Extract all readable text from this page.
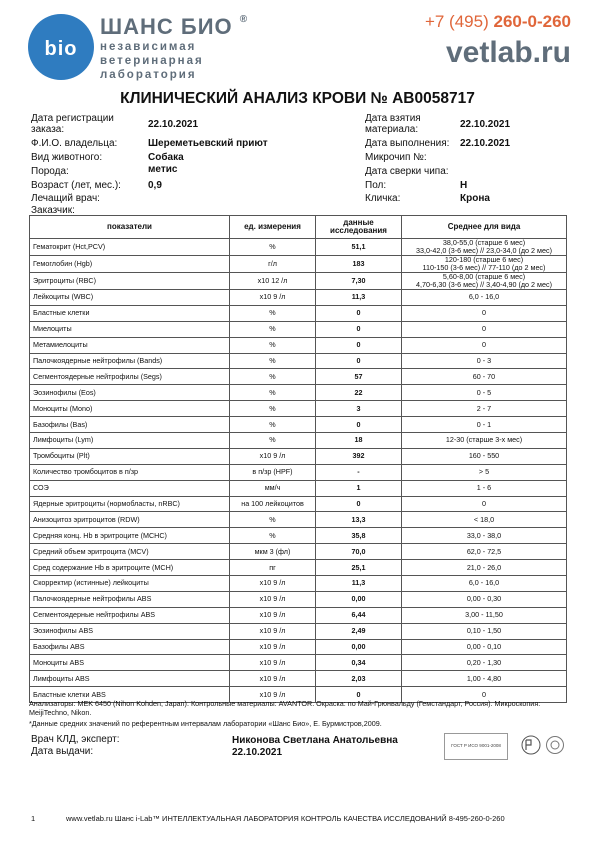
bio
ШАНС БИО ®
независимая
ветеринарная
лаборатория
+7 (495) 260-0-260
vetlab.ru
КЛИНИЧЕСКИЙ АНАЛИЗ КРОВИ № AB0058717
Дата регистрации заказа:	22.10.2021
Ф.И.О. владельца:	Шереметьевский приют
Вид животного:	Собака
Порода:	метис
Возраст (лет, мес.):	0,9
Лечащий врач:
Заказчик:
Дата взятия материала:	22.10.2021
Дата выполнения: 22.10.2021
Микрочип №:
Дата сверки чипа:
Пол:	Н
Кличка:	Крона
показатели	ед. измерения	данные исследования	Среднее для вида
Гематокрит (Hct,PCV)	%	51,1	38,0-55,0 (старше 6 мес)
33,0-42,0 (3-6 мес) // 23,0-34,0 (до 2 мес)
Гемоглобин (Hgb)	г/л	183	120-180 (старше 6 мес)
110-150 (3-6 мес) // 77-110 (до 2 мес)
Эритроциты (RBC)	x10 12 /л	7,30	5,60-8,00 (старше 6 мес)
4,70-6,30 (3-6 мес) // 3,40-4,90 (до 2 мес)
Лейкоциты (WBC)	x10 9 /л	11,3	6,0 - 16,0
Бластные клетки	%	0	0
Миелоциты	%	0	0
Метамиелоциты	%	0	0
Палочкоядерные нейтрофилы (Bands)	%	0	0 - 3
Сегментоядерные нейтрофилы (Segs)	%	57	60 - 70
Эозинофилы (Eos)	%	22	0 - 5
Моноциты (Mono)	%	3	2 - 7
Базофилы (Bas)	%	0	0 - 1
Лимфоциты (Lym)	%	18	12-30 (старше 3-х мес)
Тромбоциты (Plt)	x10 9 /л	392	160 - 550
Количество тромбоцитов в п/зр	в п/зр (HPF)	-	> 5
СОЭ	мм/ч	1	1 - 6
Ядерные эритроциты (нормобласты, nRBC)	на 100 лейкоцитов	0	0
Анизоцитоз эритроцитов (RDW)	%	13,3	< 18,0
Средняя конц. Hb в эритроците (MCHC)	%	35,8	33,0 - 38,0
Средний объем эритроцита (MCV)	мкм 3 (фл)	70,0	62,0 - 72,5
Сред содержание Hb в эритроците (MCH)	пг	25,1	21,0 - 26,0
Скорректир (истинные) лейкоциты	x10 9 /л	11,3	6,0 - 16,0
Палочкоядерные нейтрофилы ABS	x10 9 /л	0,00	0,00 - 0,30
Сегментоядерные нейтрофилы ABS	x10 9 /л	6,44	3,00 - 11,50
Эозинофилы ABS	x10 9 /л	2,49	0,10 - 1,50
Базофилы ABS	x10 9 /л	0,00	0,00 - 0,10
Моноциты ABS	x10 9 /л	0,34	0,20 - 1,30
Лимфоциты ABS	x10 9 /л	2,03	1,00 - 4,80
Бластные клетки ABS	x10 9 /л	0	0
Анализаторы: MEK 6450 (Nihon Kohden, Japan). Контрольные материалы: AVANTOR. Окраска: по Май-Грюнвальду (Гемстандарт, Россия). Микроскопия: MeijiTechno, Nikon.
*Данные средних значений по референтным интервалам лаборатории «Шанс Био», Е. Бурмистров,2009.
Врач КЛД, эксперт:	Никонова Светлана Анатольевна
Дата выдачи:	22.10.2021
ГОСТ Р ИСО 9001-2008
1	www.vetlab.ru Шанс i-Lab™ ИНТЕЛЛЕКТУАЛЬНАЯ ЛАБОРАТОРИЯ КОНТРОЛЬ КАЧЕСТВА ИССЛЕДОВАНИЙ 8-495-260-0-260
